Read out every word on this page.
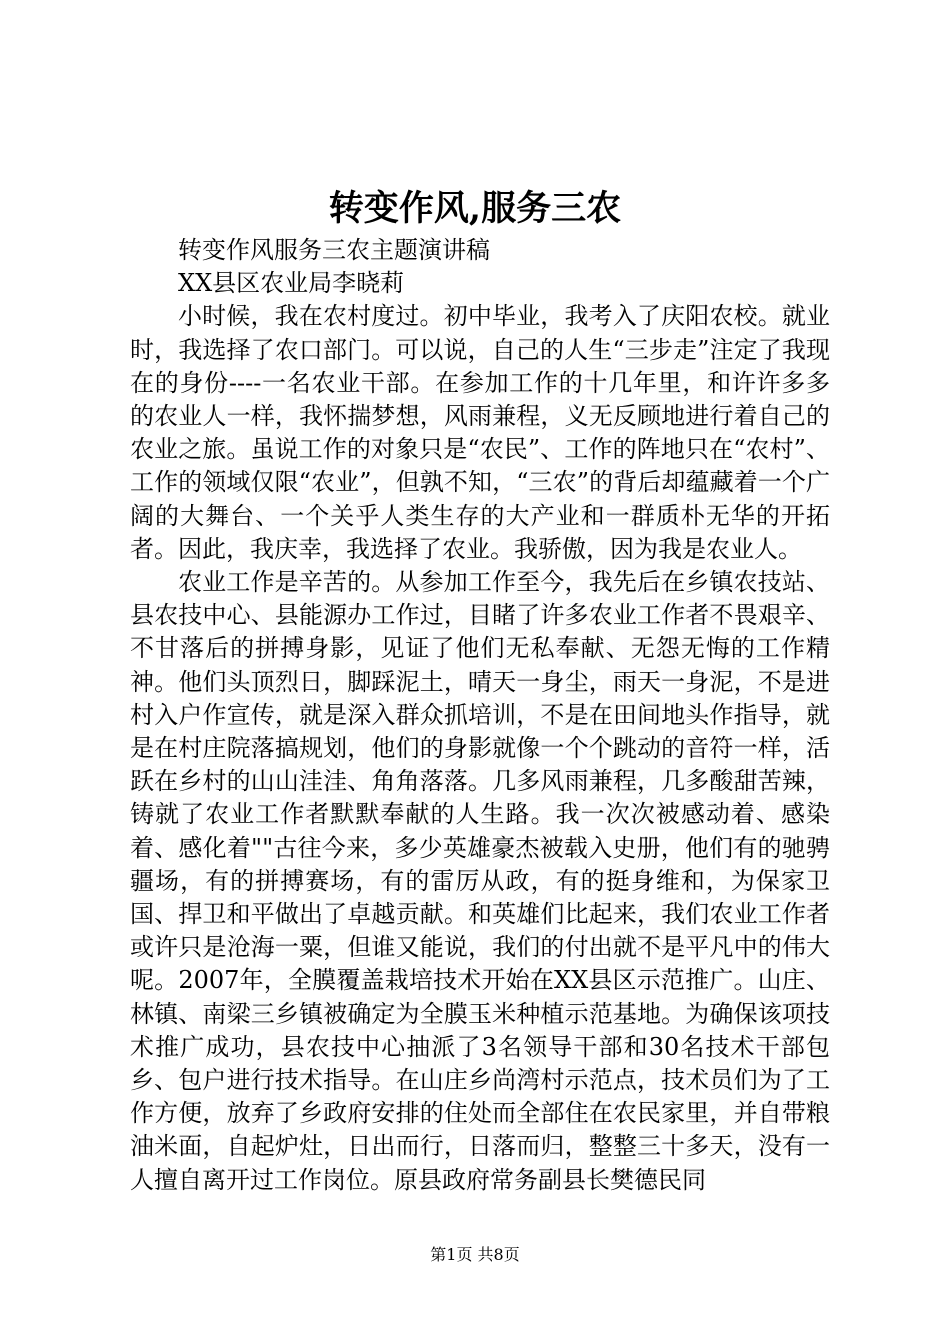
转变作风,服务三农

转变作风服务三农主题演讲稿

XX县区农业局李晓莉

小时候，我在农村度过。初中毕业，我考入了庆阳农校。就业时，我选择了农口部门。可以说，自己的人生“三步走”注定了我现在的身份----一名农业干部。在参加工作的十几年里，和许许多多的农业人一样，我怀揣梦想，风雨兼程，义无反顾地进行着自己的农业之旅。虽说工作的对象只是“农民”、工作的阵地只在“农村”、工作的领域仅限“农业”，但孰不知，“三农”的背后却蕴藏着一个广阔的大舞台、一个关乎人类生存的大产业和一群质朴无华的开拓者。因此，我庆幸，我选择了农业。我骄傲，因为我是农业人。

农业工作是辛苦的。从参加工作至今，我先后在乡镇农技站、县农技中心、县能源办工作过，目睹了许多农业工作者不畏艰辛、不甘落后的拼搏身影，见证了他们无私奉献、无怨无悔的工作精神。他们头顶烈日，脚踩泥土，晴天一身尘，雨天一身泥，不是进村入户作宣传，就是深入群众抓培训，不是在田间地头作指导，就是在村庄院落搞规划，他们的身影就像一个个跳动的音符一样，活跃在乡村的山山洼洼、角角落落。几多风雨兼程，几多酸甜苦辣，铸就了农业工作者默默奉献的人生路。我一次次被感动着、感染着、感化着""古往今来，多少英雄豪杰被载入史册，他们有的驰骋疆场，有的拼搏赛场，有的雷厉从政，有的挺身维和，为保家卫国、捍卫和平做出了卓越贡献。和英雄们比起来，我们农业工作者或许只是沧海一粟，但谁又能说，我们的付出就不是平凡中的伟大呢。2007年，全膜覆盖栽培技术开始在XX县区示范推广。山庄、林镇、南梁三乡镇被确定为全膜玉米种植示范基地。为确保该项技术推广成功，县农技中心抽派了3名领导干部和30名技术干部包乡、包户进行技术指导。在山庄乡尚湾村示范点，技术员们为了工作方便，放弃了乡政府安排的住处而全部住在农民家里，并自带粮油米面，自起炉灶，日出而行，日落而归，整整三十多天，没有一人擅自离开过工作岗位。原县政府常务副县长樊德民同

第1页 共8页
